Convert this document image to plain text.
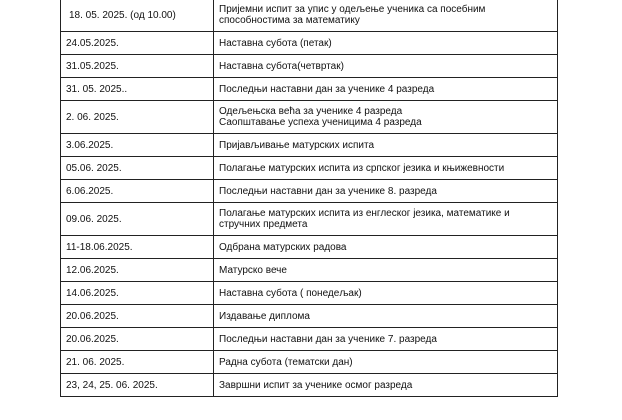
18. 05. 2025. (од 10.00)	Пријемни испит за упис у одељење ученика са посебним
способностима за математику

24.05.2025.	Наставна субота (петак)

31.05.2025.	Наставна субота(четвртак)

31. 05. 2025..	Последњи наставни дан за ученике 4 разреда

2. 06. 2025.	Одељењска већа за ученике 4 разреда
Саопштавање успеха ученицима 4 разреда

3.06.2025.	Пријављивање матурских испита

05.06. 2025.	Полагање матурских испита из српског језика и књижевности

6.06.2025.	Последњи наставни дан за ученике 8. разреда

09.06. 2025.	Полагање матурских испита из енглеског језика, математике и
стручних предмета

11-18.06.2025.	Одбрана матурских радова

12.06.2025.	Матурско вече

14.06.2025.	Наставна субота ( понедељак)

20.06.2025.	Издавање диплома

20.06.2025.	Последњи наставни дан за ученике 7. разреда

21. 06. 2025.	Радна субота (тематски дан)

23, 24, 25. 06. 2025.	Завршни испит за ученике осмог разреда
